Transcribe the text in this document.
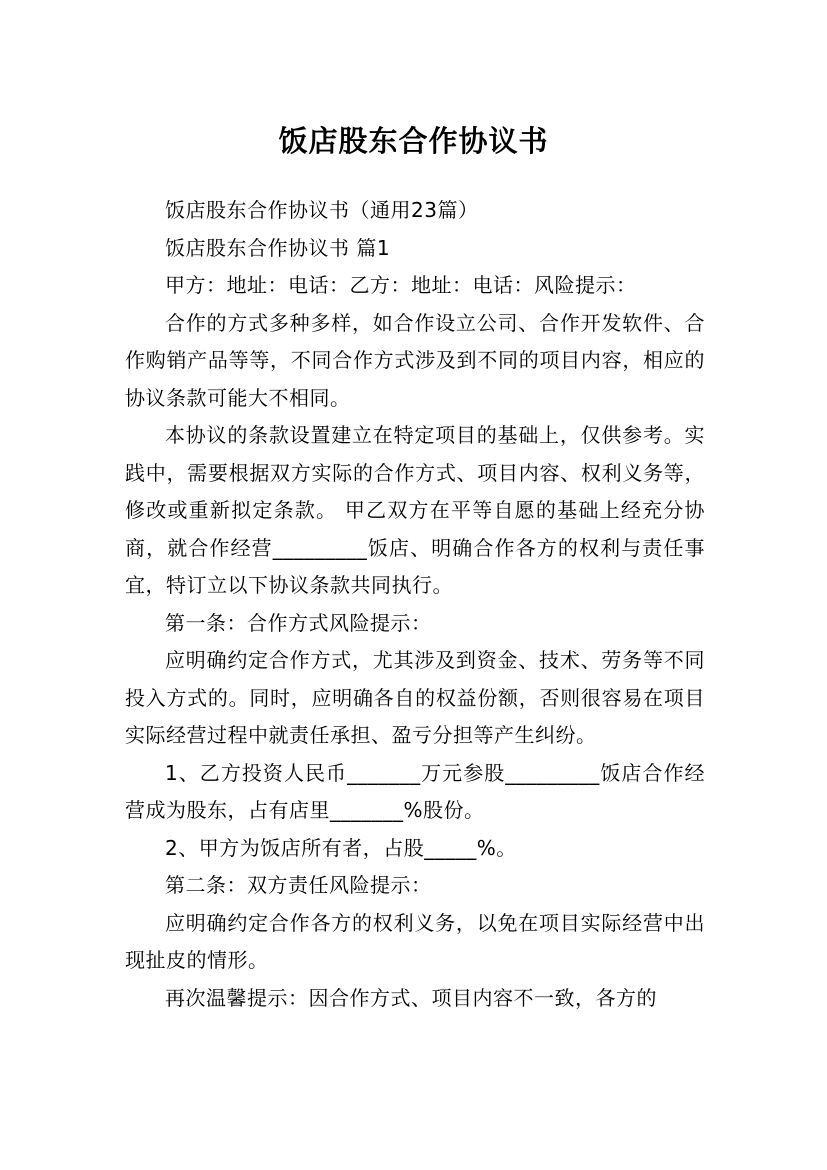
饭店股东合作协议书

饭店股东合作协议书（通用23篇）

饭店股东合作协议书 篇1

甲方：地址：电话：乙方：地址：电话：风险提示：

合作的方式多种多样，如合作设立公司、合作开发软件、合作购销产品等等，不同合作方式涉及到不同的项目内容，相应的协议条款可能大不相同。

本协议的条款设置建立在特定项目的基础上，仅供参考。实践中，需要根据双方实际的合作方式、项目内容、权利义务等，修改或重新拟定条款。 甲乙双方在平等自愿的基础上经充分协商，就合作经营_________饭店、明确合作各方的权利与责任事宜，特订立以下协议条款共同执行。

第一条：合作方式风险提示：

应明确约定合作方式，尤其涉及到资金、技术、劳务等不同投入方式的。同时，应明确各自的权益份额，否则很容易在项目实际经营过程中就责任承担、盈亏分担等产生纠纷。

1、乙方投资人民币_______万元参股_________饭店合作经营成为股东，占有店里_______%股份。

2、甲方为饭店所有者，占股_____%。

第二条：双方责任风险提示：

应明确约定合作各方的权利义务，以免在项目实际经营中出现扯皮的情形。

再次温馨提示：因合作方式、项目内容不一致，各方的
